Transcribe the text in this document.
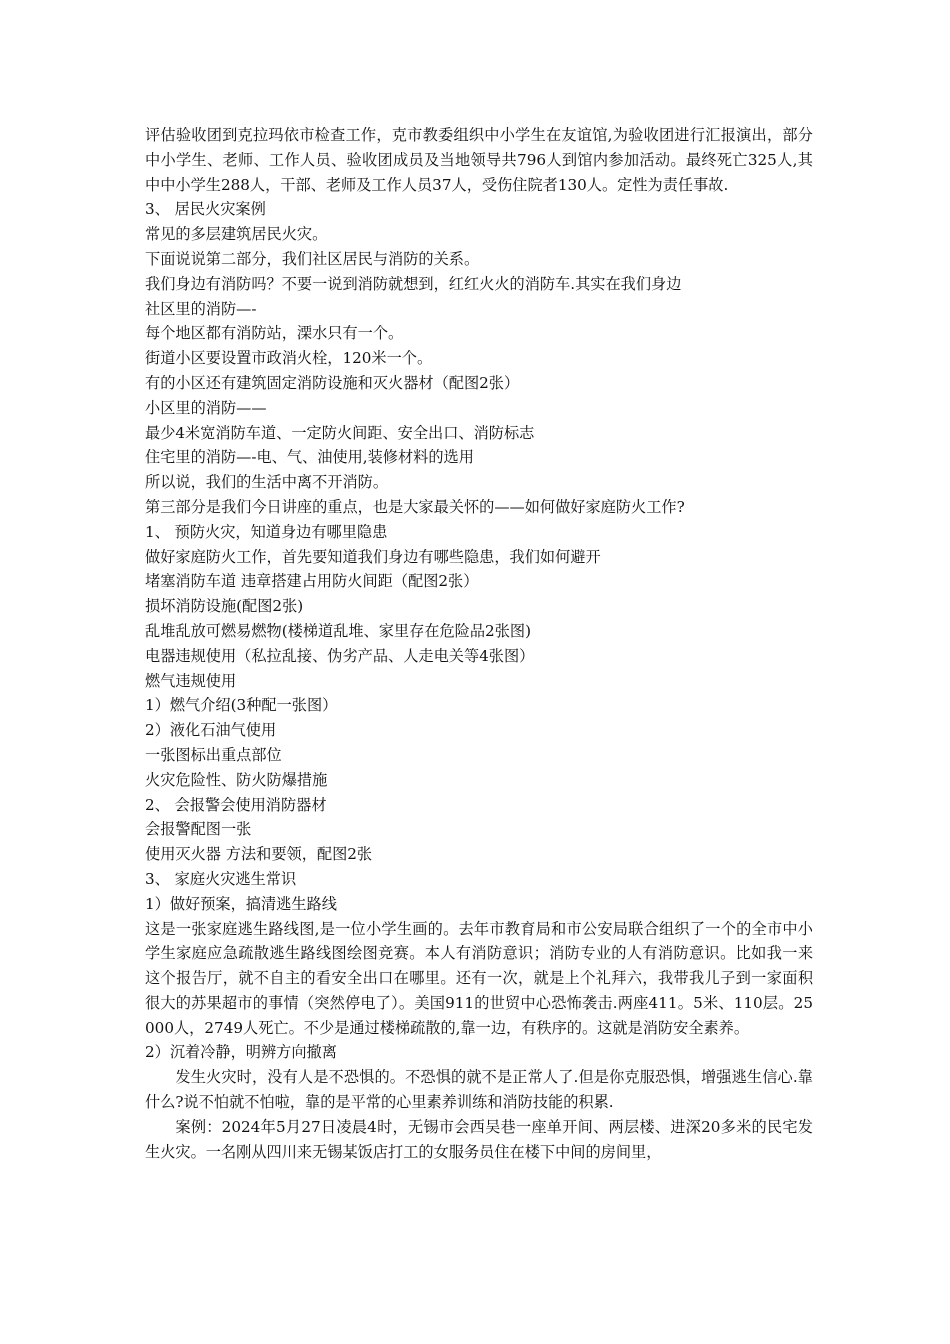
评估验收团到克拉玛依市检查工作，克市教委组织中小学生在友谊馆,为验收团进行汇报演出，部分中小学生、老师、工作人员、验收团成员及当地领导共796人到馆内参加活动。最终死亡325人,其中中小学生288人，干部、老师及工作人员37人，受伤住院者130人。定性为责任事故.

3、 居民火灾案例

常见的多层建筑居民火灾。

下面说说第二部分，我们社区居民与消防的关系。

我们身边有消防吗？不要一说到消防就想到，红红火火的消防车.其实在我们身边

社区里的消防—-

每个地区都有消防站，溧水只有一个。

街道小区要设置市政消火栓，120米一个。

有的小区还有建筑固定消防设施和灭火器材（配图2张）

小区里的消防——

最少4米宽消防车道、一定防火间距、安全出口、消防标志

住宅里的消防—-电、气、油使用,装修材料的选用

所以说，我们的生活中离不开消防。

第三部分是我们今日讲座的重点，也是大家最关怀的——如何做好家庭防火工作?

1、 预防火灾，知道身边有哪里隐患

做好家庭防火工作，首先要知道我们身边有哪些隐患，我们如何避开

堵塞消防车道 违章搭建占用防火间距（配图2张）

损坏消防设施(配图2张)

乱堆乱放可燃易燃物(楼梯道乱堆、家里存在危险品2张图)

电器违规使用（私拉乱接、伪劣产品、人走电关等4张图）

燃气违规使用

1）燃气介绍(3种配一张图）

2）液化石油气使用

一张图标出重点部位

火灾危险性、防火防爆措施

2、 会报警会使用消防器材

会报警配图一张

使用灭火器 方法和要领，配图2张

3、 家庭火灾逃生常识

1）做好预案，搞清逃生路线

这是一张家庭逃生路线图,是一位小学生画的。去年市教育局和市公安局联合组织了一个的全市中小学生家庭应急疏散逃生路线图绘图竞赛。本人有消防意识；消防专业的人有消防意识。比如我一来这个报告厅，就不自主的看安全出口在哪里。还有一次，就是上个礼拜六，我带我儿子到一家面积很大的苏果超市的事情（突然停电了）。美国911的世贸中心恐怖袭击.两座411。5米、110层。25000人，2749人死亡。不少是通过楼梯疏散的,靠一边，有秩序的。这就是消防安全素养。

2）沉着冷静，明辨方向撤离

发生火灾时，没有人是不恐惧的。不恐惧的就不是正常人了.但是你克服恐惧，增强逃生信心.靠什么?说不怕就不怕啦，靠的是平常的心里素养训练和消防技能的积累.

案例：2024年5月27日凌晨4时，无锡市会西吴巷一座单开间、两层楼、进深20多米的民宅发生火灾。一名刚从四川来无锡某饭店打工的女服务员住在楼下中间的房间里，
